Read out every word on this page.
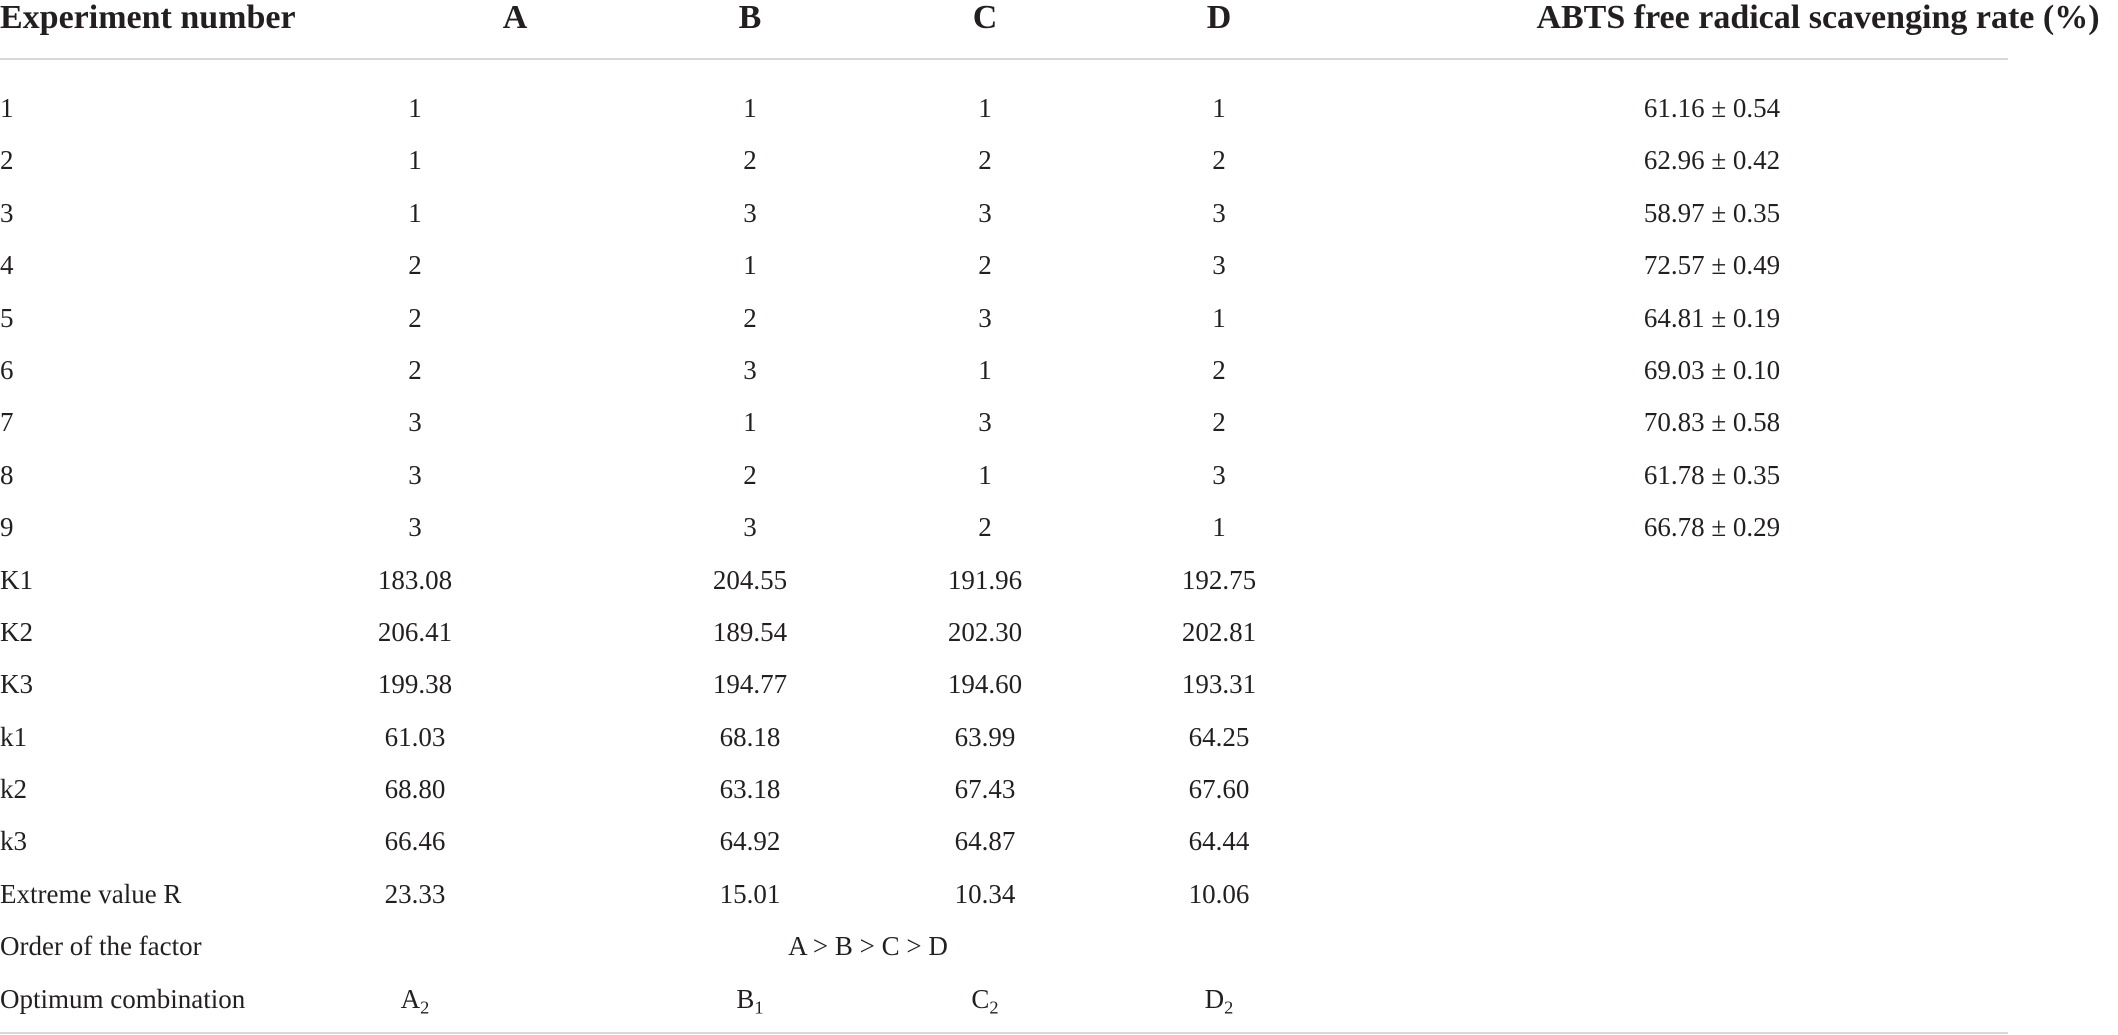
Experiment number	A	B	C	D	ABTS free radical scavenging rate (%)
1	1	1	1	1	61.16 ± 0.54
2	1	2	2	2	62.96 ± 0.42
3	1	3	3	3	58.97 ± 0.35
4	2	1	2	3	72.57 ± 0.49
5	2	2	3	1	64.81 ± 0.19
6	2	3	1	2	69.03 ± 0.10
7	3	1	3	2	70.83 ± 0.58
8	3	2	1	3	61.78 ± 0.35
9	3	3	2	1	66.78 ± 0.29
K1	183.08	204.55	191.96	192.75
K2	206.41	189.54	202.30	202.81
K3	199.38	194.77	194.60	193.31
k1	61.03	68.18	63.99	64.25
k2	68.80	63.18	67.43	67.60
k3	66.46	64.92	64.87	64.44
Extreme value R	23.33	15.01	10.34	10.06
Order of the factor	A > B > C > D
Optimum combination	$A_2$	$B_1$	$C_2$	$D_2$
